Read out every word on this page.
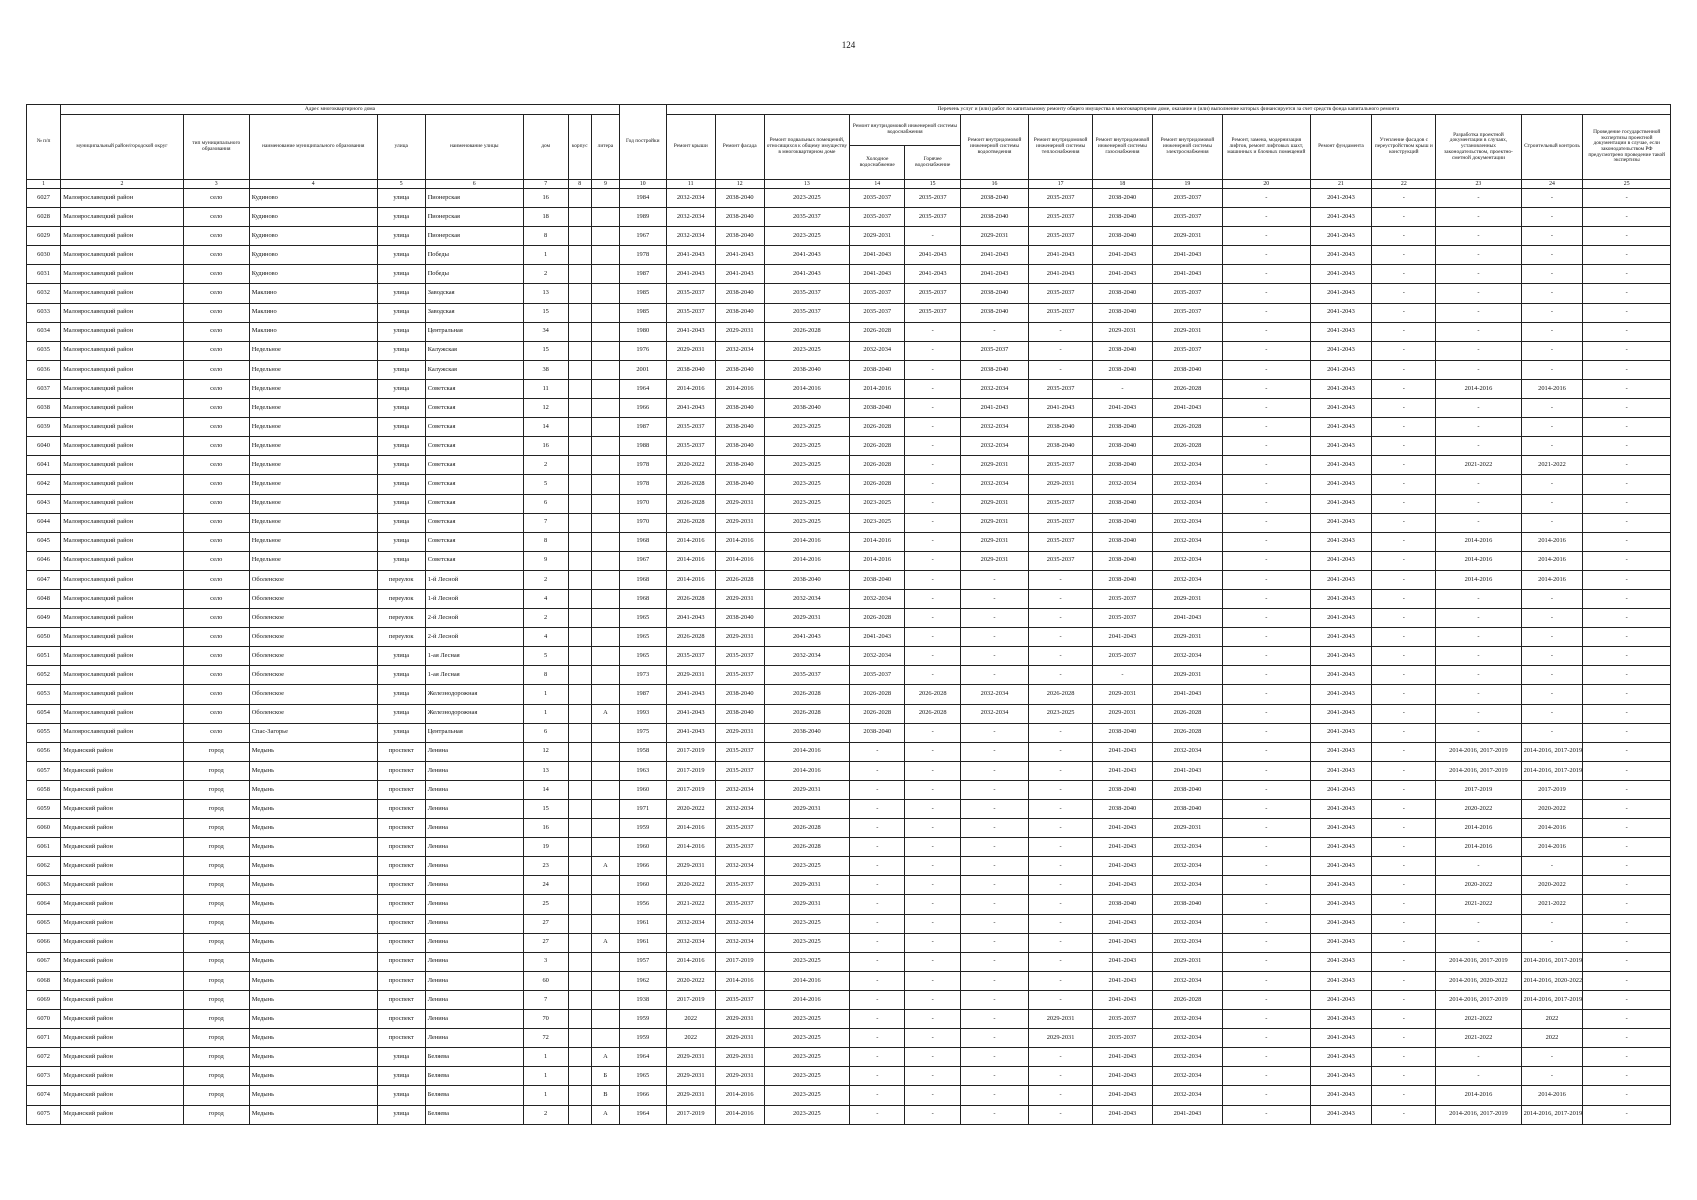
124
№ п/п	Адрес многоквартирного дома								Год постройки	Перечень услуг и (или) работ по капитальному ремонту общего имущества в многоквартирном доме, оказание и (или) выполнение которых финансируется за счет средств фонда капитального ремонта														
	муниципальный район/городской округ	тип муниципального образования	наименование муниципального образования	улица	наименование улицы	дом	корпус	литера		Ремонт крыши	Ремонт фасада	Ремонт подвальных помещений, относящихся к общему имуществу в многоквартирном доме	Ремонт внутридомовой инженерной системы водоснабжения		Ремонт внутридомовой инженерной системы водоотведения	Ремонт внутридомовой инженерной системы теплоснабжения	Ремонт внутридомовой инженерной системы газоснабжения	Ремонт внутридомовой инженерной системы электроснабжения	Ремонт, замена, модернизация лифтов, ремонт лифтовых шахт, машинных и блочных помещений	Ремонт фундамента	Утепление фасадов с переустройством крыш и конструкций	Разработка проектной документации в случаях, установленных законодательством, проектно-сметной документации	Строительный контроль	Проведение государственной экспертизы проектной документации в случае, если законодательством РФ предусмотрено проведение такой экспертизы
													Холодное водоснабжение	Горячее водоснабжение										
1	2	3	4	5	6	7	8	9	10	11	12	13	14	15	16	17	18	19	20	21	22	23	24	25
6027	Малоярославецкий район	село	Кудиново	улица	Пионерская	16			1984	2032-2034	2038-2040	2023-2025	2035-2037	2035-2037	2038-2040	2035-2037	2038-2040	2035-2037	-	2041-2043	-	-	-	-
6028	Малоярославецкий район	село	Кудиново	улица	Пионерская	18			1989	2032-2034	2038-2040	2035-2037	2035-2037	2035-2037	2038-2040	2035-2037	2038-2040	2035-2037	-	2041-2043	-	-	-	-
6029	Малоярославецкий район	село	Кудиново	улица	Пионерская	8			1967	2032-2034	2038-2040	2023-2025	2029-2031	-	2029-2031	2035-2037	2038-2040	2029-2031	-	2041-2043	-	-	-	-
6030	Малоярославецкий район	село	Кудиново	улица	Победы	1			1978	2041-2043	2041-2043	2041-2043	2041-2043	2041-2043	2041-2043	2041-2043	2041-2043	2041-2043	-	2041-2043	-	-	-	-
6031	Малоярославецкий район	село	Кудиново	улица	Победы	2			1987	2041-2043	2041-2043	2041-2043	2041-2043	2041-2043	2041-2043	2041-2043	2041-2043	2041-2043	-	2041-2043	-	-	-	-
6032	Малоярославецкий район	село	Маклино	улица	Заводская	13			1985	2035-2037	2038-2040	2035-2037	2035-2037	2035-2037	2038-2040	2035-2037	2038-2040	2035-2037	-	2041-2043	-	-	-	-
6033	Малоярославецкий район	село	Маклино	улица	Заводская	15			1985	2035-2037	2038-2040	2035-2037	2035-2037	2035-2037	2038-2040	2035-2037	2038-2040	2035-2037	-	2041-2043	-	-	-	-
6034	Малоярославецкий район	село	Маклино	улица	Центральная	34			1980	2041-2043	2029-2031	2026-2028	2026-2028	-	-	-	2029-2031	2029-2031	-	2041-2043	-	-	-	-
6035	Малоярославецкий район	село	Недельное	улица	Калужская	15			1976	2029-2031	2032-2034	2023-2025	2032-2034	-	2035-2037	-	2038-2040	2035-2037	-	2041-2043	-	-	-	-
6036	Малоярославецкий район	село	Недельное	улица	Калужская	38			2001	2038-2040	2038-2040	2038-2040	2038-2040	-	2038-2040	-	2038-2040	2038-2040	-	2041-2043	-	-	-	-
6037	Малоярославецкий район	село	Недельное	улица	Советская	11			1964	2014-2016	2014-2016	2014-2016	2014-2016	-	2032-2034	2035-2037	-	2026-2028	-	2041-2043	-	2014-2016	2014-2016	-
6038	Малоярославецкий район	село	Недельное	улица	Советская	12			1966	2041-2043	2038-2040	2038-2040	2038-2040	-	2041-2043	2041-2043	2041-2043	2041-2043	-	2041-2043	-	-	-	-
6039	Малоярославецкий район	село	Недельное	улица	Советская	14			1987	2035-2037	2038-2040	2023-2025	2026-2028	-	2032-2034	2038-2040	2038-2040	2026-2028	-	2041-2043	-	-	-	-
6040	Малоярославецкий район	село	Недельное	улица	Советская	16			1988	2035-2037	2038-2040	2023-2025	2026-2028	-	2032-2034	2038-2040	2038-2040	2026-2028	-	2041-2043	-	-	-	-
6041	Малоярославецкий район	село	Недельное	улица	Советская	2			1978	2020-2022	2038-2040	2023-2025	2026-2028	-	2029-2031	2035-2037	2038-2040	2032-2034	-	2041-2043	-	2021-2022	2021-2022	-
6042	Малоярославецкий район	село	Недельное	улица	Советская	5			1978	2026-2028	2038-2040	2023-2025	2026-2028	-	2032-2034	2029-2031	2032-2034	2032-2034	-	2041-2043	-	-	-	-
6043	Малоярославецкий район	село	Недельное	улица	Советская	6			1970	2026-2028	2029-2031	2023-2025	2023-2025	-	2029-2031	2035-2037	2038-2040	2032-2034	-	2041-2043	-	-	-	-
6044	Малоярославецкий район	село	Недельное	улица	Советская	7			1970	2026-2028	2029-2031	2023-2025	2023-2025	-	2029-2031	2035-2037	2038-2040	2032-2034	-	2041-2043	-	-	-	-
6045	Малоярославецкий район	село	Недельное	улица	Советская	8			1968	2014-2016	2014-2016	2014-2016	2014-2016	-	2029-2031	2035-2037	2038-2040	2032-2034	-	2041-2043	-	2014-2016	2014-2016	-
6046	Малоярославецкий район	село	Недельное	улица	Советская	9			1967	2014-2016	2014-2016	2014-2016	2014-2016	-	2029-2031	2035-2037	2038-2040	2032-2034	-	2041-2043	-	2014-2016	2014-2016	-
6047	Малоярославецкий район	село	Оболенское	переулок	1-й Лесной	2			1968	2014-2016	2026-2028	2038-2040	2038-2040	-	-	-	2038-2040	2032-2034	-	2041-2043	-	2014-2016	2014-2016	-
6048	Малоярославецкий район	село	Оболенское	переулок	1-й Лесной	4			1968	2026-2028	2029-2031	2032-2034	2032-2034	-	-	-	2035-2037	2029-2031	-	2041-2043	-	-	-	-
6049	Малоярославецкий район	село	Оболенское	переулок	2-й Лесной	2			1965	2041-2043	2038-2040	2029-2031	2026-2028	-	-	-	2035-2037	2041-2043	-	2041-2043	-	-	-	-
6050	Малоярославецкий район	село	Оболенское	переулок	2-й Лесной	4			1965	2026-2028	2029-2031	2041-2043	2041-2043	-	-	-	2041-2043	2029-2031	-	2041-2043	-	-	-	-
6051	Малоярославецкий район	село	Оболенское	улица	1-ая Лесная	5			1965	2035-2037	2035-2037	2032-2034	2032-2034	-	-	-	2035-2037	2032-2034	-	2041-2043	-	-	-	-
6052	Малоярославецкий район	село	Оболенское	улица	1-ая Лесная	8			1973	2029-2031	2035-2037	2035-2037	2035-2037	-	-	-	-	2029-2031	-	2041-2043	-	-	-	-
6053	Малоярославецкий район	село	Оболенское	улица	Железнодорожная	1			1987	2041-2043	2038-2040	2026-2028	2026-2028	2026-2028	2032-2034	2026-2028	2029-2031	2041-2043	-	2041-2043	-	-	-	-
6054	Малоярославецкий район	село	Оболенское	улица	Железнодорожная	1		А	1993	2041-2043	2038-2040	2026-2028	2026-2028	2026-2028	2032-2034	2023-2025	2029-2031	2026-2028	-	2041-2043	-	-	-	-
6055	Малоярославецкий район	село	Спас-Загорье	улица	Центральная	6			1975	2041-2043	2029-2031	2038-2040	2038-2040	-	-	-	2038-2040	2026-2028	-	2041-2043	-	-	-	-
6056	Медынский район	город	Медынь	проспект	Ленина	12			1958	2017-2019	2035-2037	2014-2016	-	-	-	-	2041-2043	2032-2034	-	2041-2043	-	2014-2016, 2017-2019	2014-2016, 2017-2019	-
6057	Медынский район	город	Медынь	проспект	Ленина	13			1963	2017-2019	2035-2037	2014-2016	-	-	-	-	2041-2043	2041-2043	-	2041-2043	-	2014-2016, 2017-2019	2014-2016, 2017-2019	-
6058	Медынский район	город	Медынь	проспект	Ленина	14			1960	2017-2019	2032-2034	2029-2031	-	-	-	-	2038-2040	2038-2040	-	2041-2043	-	2017-2019	2017-2019	-
6059	Медынский район	город	Медынь	проспект	Ленина	15			1971	2020-2022	2032-2034	2029-2031	-	-	-	-	2038-2040	2038-2040	-	2041-2043	-	2020-2022	2020-2022	-
6060	Медынский район	город	Медынь	проспект	Ленина	16			1959	2014-2016	2035-2037	2026-2028	-	-	-	-	2041-2043	2029-2031	-	2041-2043	-	2014-2016	2014-2016	-
6061	Медынский район	город	Медынь	проспект	Ленина	19			1960	2014-2016	2035-2037	2026-2028	-	-	-	-	2041-2043	2032-2034	-	2041-2043	-	2014-2016	2014-2016	-
6062	Медынский район	город	Медынь	проспект	Ленина	23		А	1966	2029-2031	2032-2034	2023-2025	-	-	-	-	2041-2043	2032-2034	-	2041-2043	-	-	-	-
6063	Медынский район	город	Медынь	проспект	Ленина	24			1960	2020-2022	2035-2037	2029-2031	-	-	-	-	2041-2043	2032-2034	-	2041-2043	-	2020-2022	2020-2022	-
6064	Медынский район	город	Медынь	проспект	Ленина	25			1956	2021-2022	2035-2037	2029-2031	-	-	-	-	2038-2040	2038-2040	-	2041-2043	-	2021-2022	2021-2022	-
6065	Медынский район	город	Медынь	проспект	Ленина	27			1961	2032-2034	2032-2034	2023-2025	-	-	-	-	2041-2043	2032-2034	-	2041-2043	-	-	-	-
6066	Медынский район	город	Медынь	проспект	Ленина	27		А	1961	2032-2034	2032-2034	2023-2025	-	-	-	-	2041-2043	2032-2034	-	2041-2043	-	-	-	-
6067	Медынский район	город	Медынь	проспект	Ленина	3			1957	2014-2016	2017-2019	2023-2025	-	-	-	-	2041-2043	2029-2031	-	2041-2043	-	2014-2016, 2017-2019	2014-2016, 2017-2019	-
6068	Медынский район	город	Медынь	проспект	Ленина	60			1962	2020-2022	2014-2016	2014-2016	-	-	-	-	2041-2043	2032-2034	-	2041-2043	-	2014-2016, 2020-2022	2014-2016, 2020-2022	-
6069	Медынский район	город	Медынь	проспект	Ленина	7			1938	2017-2019	2035-2037	2014-2016	-	-	-	-	2041-2043	2026-2028	-	2041-2043	-	2014-2016, 2017-2019	2014-2016, 2017-2019	-
6070	Медынский район	город	Медынь	проспект	Ленина	70			1959	2022	2029-2031	2023-2025	-	-	-	2029-2031	2035-2037	2032-2034	-	2041-2043	-	2021-2022	2022	-
6071	Медынский район	город	Медынь	проспект	Ленина	72			1959	2022	2029-2031	2023-2025	-	-	-	2029-2031	2035-2037	2032-2034	-	2041-2043	-	2021-2022	2022	-
6072	Медынский район	город	Медынь	улица	Беляева	1		А	1964	2029-2031	2029-2031	2023-2025	-	-	-	-	2041-2043	2032-2034	-	2041-2043	-	-	-	-
6073	Медынский район	город	Медынь	улица	Беляева	1		Б	1965	2029-2031	2029-2031	2023-2025	-	-	-	-	2041-2043	2032-2034	-	2041-2043	-	-	-	-
6074	Медынский район	город	Медынь	улица	Беляева	1		В	1966	2029-2031	2014-2016	2023-2025	-	-	-	-	2041-2043	2032-2034	-	2041-2043	-	2014-2016	2014-2016	-
6075	Медынский район	город	Медынь	улица	Беляева	2		А	1964	2017-2019	2014-2016	2023-2025	-	-	-	-	2041-2043	2041-2043	-	2041-2043	-	2014-2016, 2017-2019	2014-2016, 2017-2019	-
